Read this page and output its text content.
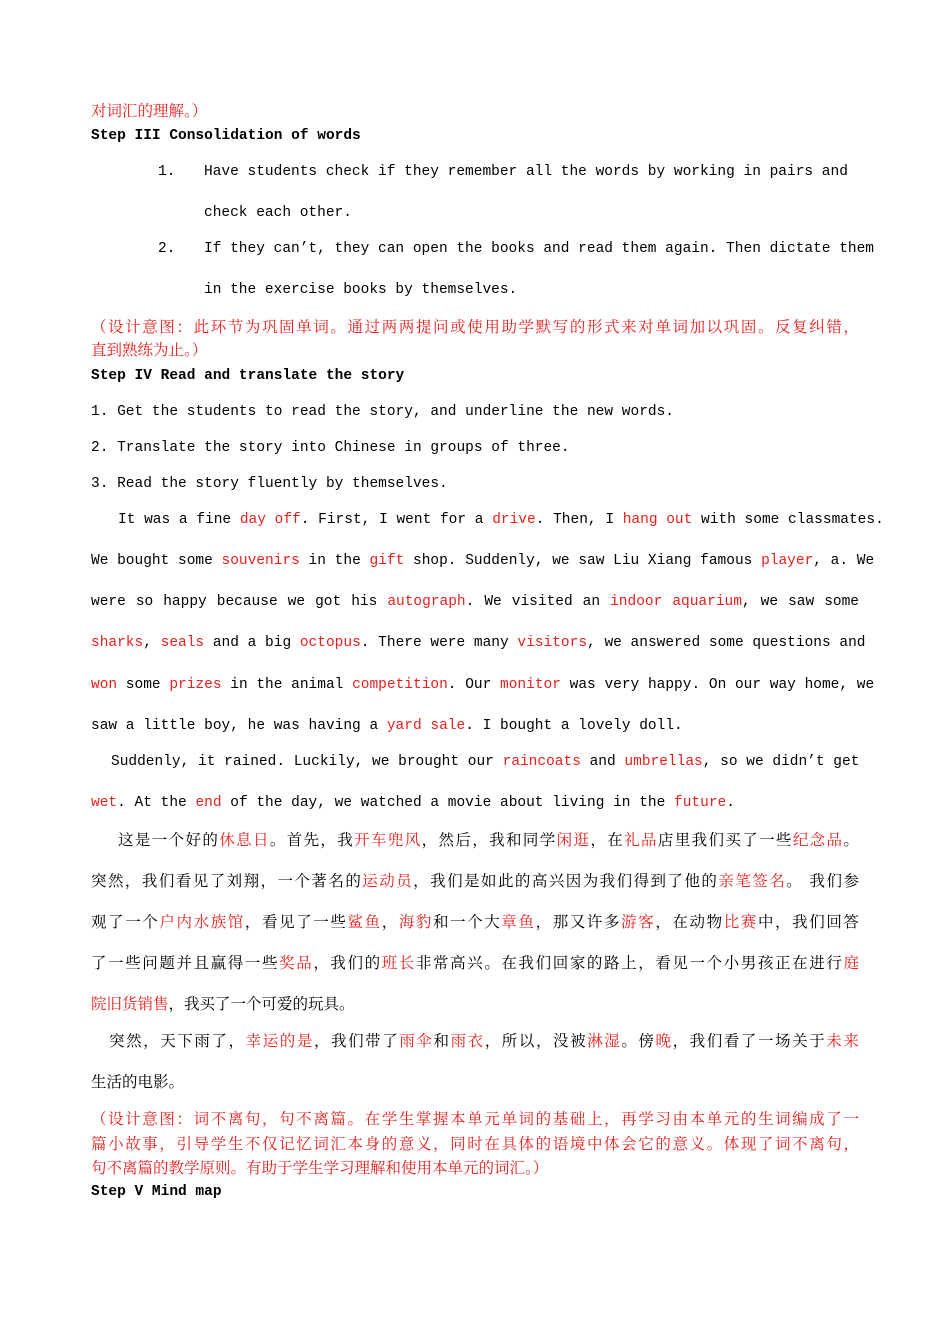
对词汇的理解。）
Step III Consolidation of words
1. Have students check if they remember all the words by working in pairs and
check each other.
2. If they can’t, they can open the books and read them again. Then dictate them
in the exercise books by themselves.
（设计意图：此环节为巩固单词。通过两两提问或使用助学默写的形式来对单词加以巩固。反复纠错，
直到熟练为止。）
Step IV Read and translate the story
1. Get the students to read the story, and underline the new words.
2. Translate the story into Chinese in groups of three.
3. Read the story fluently by themselves.
It was a fine day off. First, I went for a drive. Then, I hang out with some classmates.
We bought some souvenirs in the gift shop. Suddenly, we saw Liu Xiang famous player, a. We
were so happy because we got his autograph. We visited an indoor aquarium, we saw some
sharks, seals and a big octopus. There were many visitors, we answered some questions and
won some prizes in the animal competition. Our monitor was very happy. On our way home, we
saw a little boy, he was having a yard sale. I bought a lovely doll.
Suddenly, it rained. Luckily, we brought our raincoats and umbrellas, so we didn’t get
wet. At the end of the day, we watched a movie about living in the future.
这是一个好的休息日。首先，我开车兜风，然后，我和同学闲逛，在礼品店里我们买了一些纪念品。
突然，我们看见了刘翔，一个著名的运动员，我们是如此的高兴因为我们得到了他的亲笔签名。 我们参
观了一个户内水族馆，看见了一些鲨鱼，海豹和一个大章鱼，那又许多游客，在动物比赛中，我们回答
了一些问题并且赢得一些奖品，我们的班长非常高兴。在我们回家的路上，看见一个小男孩正在进行庭
院旧货销售，我买了一个可爱的玩具。
突然，天下雨了，幸运的是，我们带了雨伞和雨衣，所以，没被淋湿。傍晚，我们看了一场关于未来
生活的电影。
（设计意图：词不离句，句不离篇。在学生掌握本单元单词的基础上，再学习由本单元的生词编成了一
篇小故事，引导学生不仅记忆词汇本身的意义，同时在具体的语境中体会它的意义。体现了词不离句，
句不离篇的教学原则。有助于学生学习理解和使用本单元的词汇。）
Step V Mind map
